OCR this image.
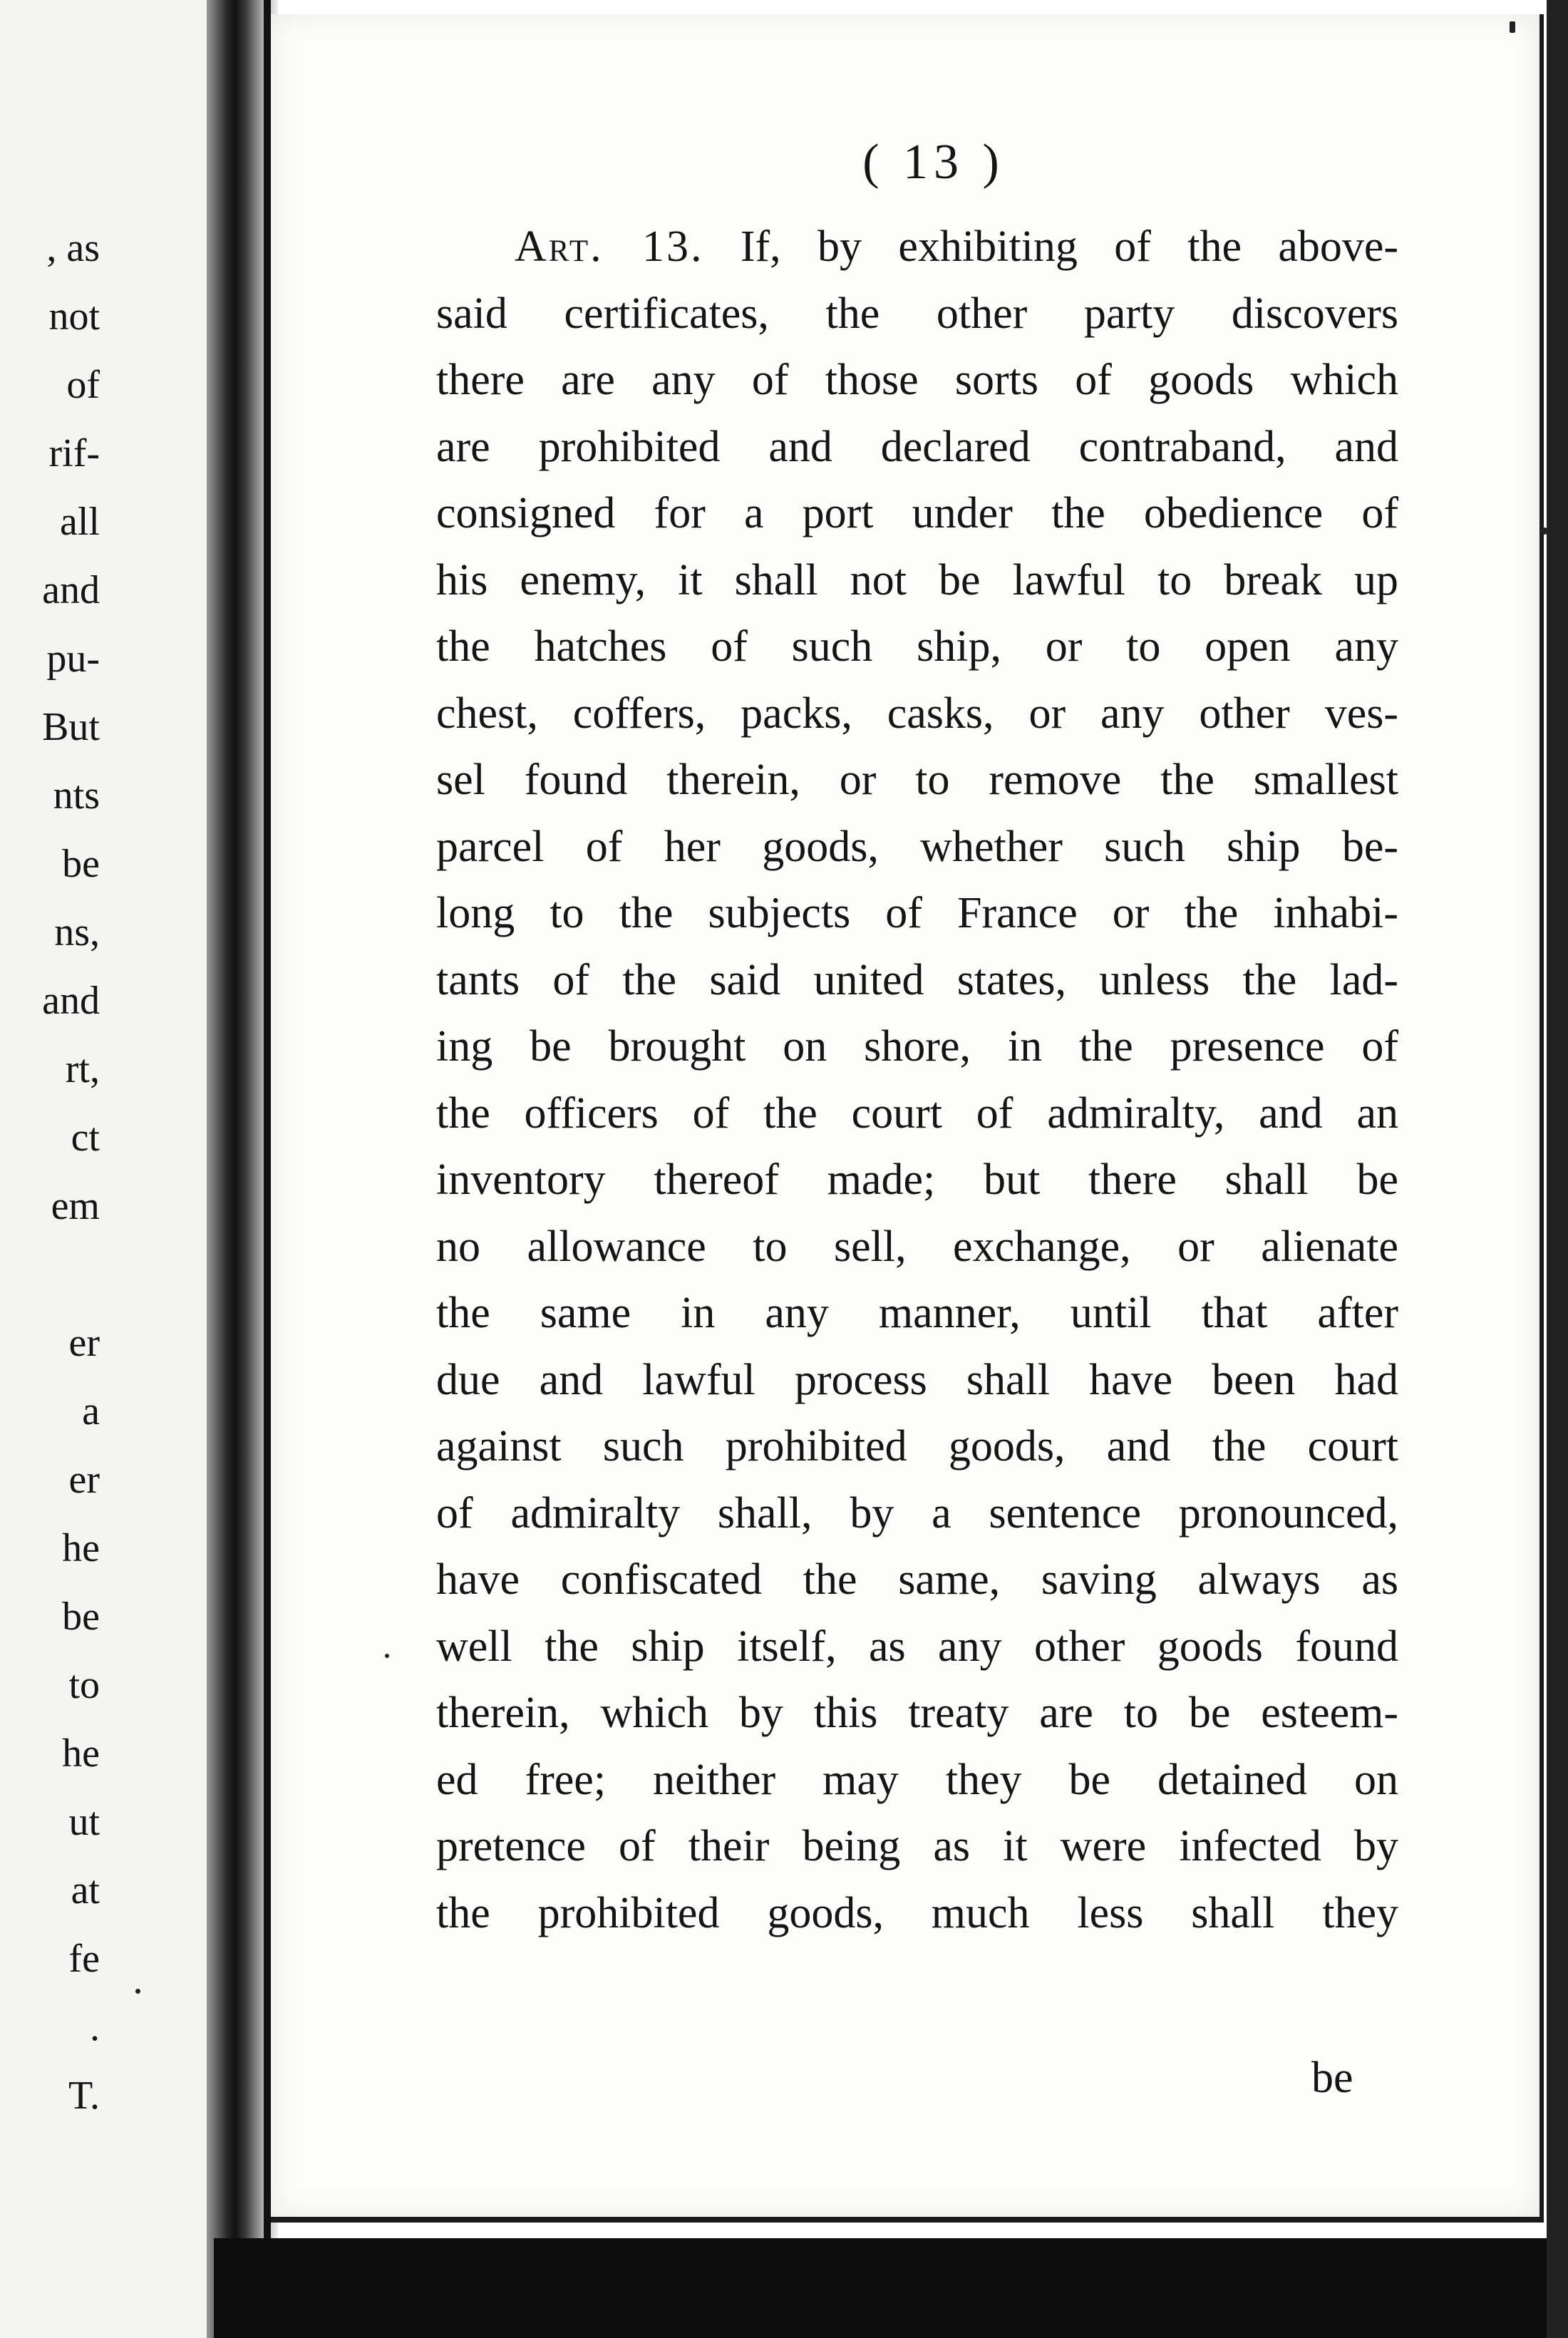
, as
not
of
rif-
all
and
pu-
But
nts
be
ns,
and
rt,
ct
em
er
a
er
he
be
to
he
ut
at
fe
.
T.
( 13 )
Art. 13. If, by exhibiting of the above-
said certificates, the other party discovers
there are any of those sorts of goods which
are prohibited and declared contraband, and
consigned for a port under the obedience of
his enemy, it shall not be lawful to break up
the hatches of such ship, or to open any
chest, coffers, packs, casks, or any other ves-
sel found therein, or to remove the smallest
parcel of her goods, whether such ship be-
long to the subjects of France or the inhabi-
tants of the said united states, unless the lad-
ing be brought on shore, in the presence of
the officers of the court of admiralty, and an
inventory thereof made; but there shall be
no allowance to sell, exchange, or alienate
the same in any manner, until that after
due and lawful process shall have been had
against such prohibited goods, and the court
of admiralty shall, by a sentence pronounced,
have confiscated the same, saving always as
well the ship itself, as any other goods found
therein, which by this treaty are to be esteem-
ed free; neither may they be detained on
pretence of their being as it were infected by
the prohibited goods, much less shall they
be
